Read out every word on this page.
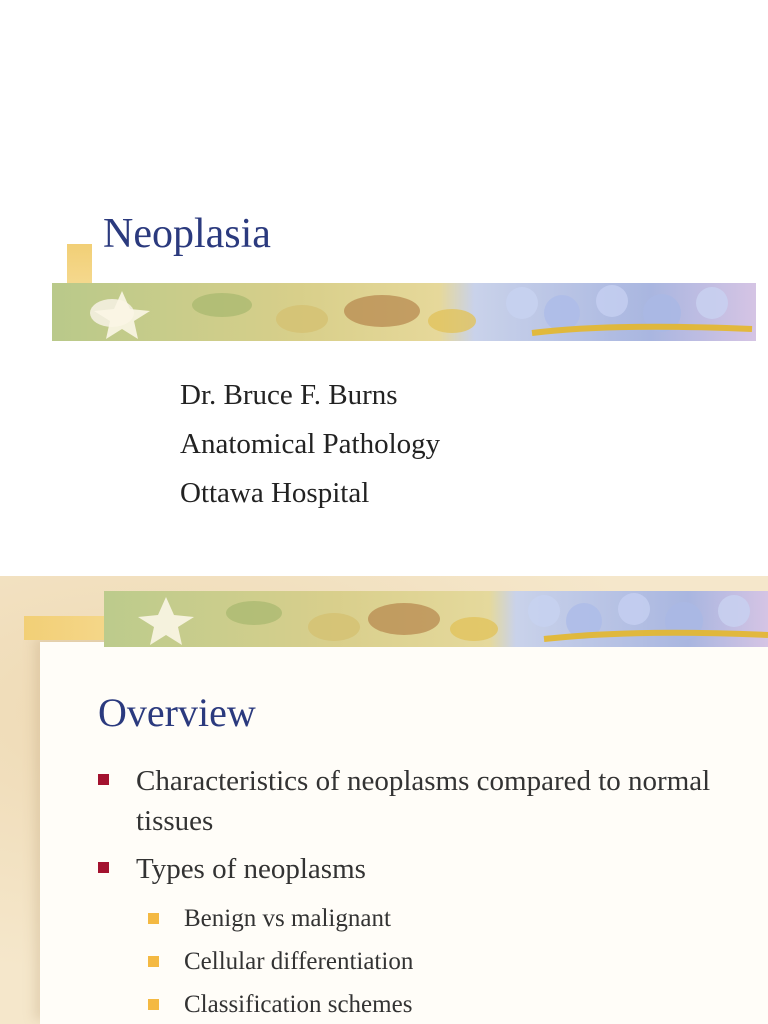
Neoplasia
Dr. Bruce F. Burns
Anatomical Pathology
Ottawa Hospital
Overview
Characteristics of neoplasms compared to normal tissues
Types of neoplasms
Benign vs malignant
Cellular differentiation
Classification schemes
